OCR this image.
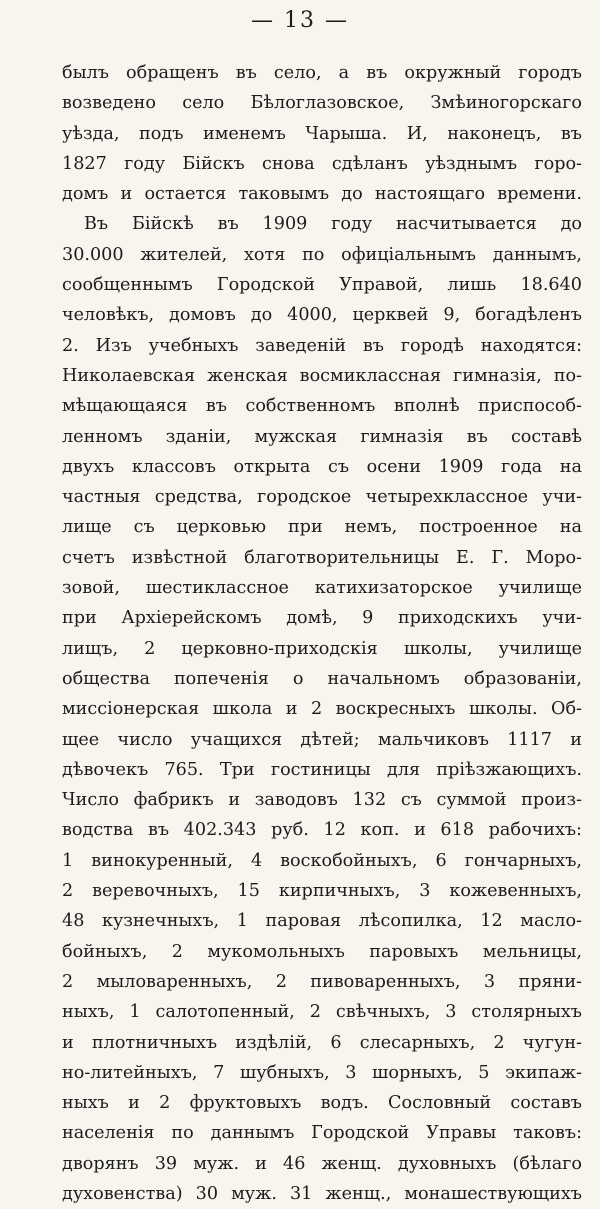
— 13 —
былъ обращенъ въ село, а въ окружный городъ
возведено село Бѣлоглазовское, Змѣиногорскаго
уѣзда, подъ именемъ Чарыша. И, наконецъ, въ
1827 году Бійскъ снова сдѣланъ уѣзднымъ горо-
домъ и остается таковымъ до настоящаго времени.
Въ Бійскѣ въ 1909 году насчитывается до
30.000 жителей, хотя по офиціальнымъ даннымъ,
сообщеннымъ Городской Управой, лишь 18.640
человѣкъ, домовъ до 4000, церквей 9, богадѣленъ
2. Изъ учебныхъ заведеній въ городѣ находятся:
Николаевская женская восмиклассная гимназія, по-
мѣщающаяся въ собственномъ вполнѣ приспособ-
ленномъ зданіи, мужская гимназія въ составѣ
двухъ классовъ открыта съ осени 1909 года на
частныя средства, городское четырехклассное учи-
лище съ церковью при немъ, построенное на
счетъ извѣстной благотворительницы Е. Г. Моро-
зовой, шестиклассное катихизаторское училище
при Архіерейскомъ домѣ, 9 приходскихъ учи-
лищъ, 2 церковно-приходскія школы, училище
общества попеченія о начальномъ образованіи,
миссіонерская школа и 2 воскресныхъ школы. Об-
щее число учащихся дѣтей; мальчиковъ 1117 и
дѣвочекъ 765. Три гостиницы для пріѣзжающихъ.
Число фабрикъ и заводовъ 132 съ суммой произ-
водства въ 402.343 руб. 12 коп. и 618 рабочихъ:
1 винокуренный, 4 воскобойныхъ, 6 гончарныхъ,
2 веревочныхъ, 15 кирпичныхъ, 3 кожевенныхъ,
48 кузнечныхъ, 1 паровая лѣсопилка, 12 масло-
бойныхъ, 2 мукомольныхъ паровыхъ мельницы,
2 мыловаренныхъ, 2 пивоваренныхъ, 3 пряни-
ныхъ, 1 салотопенный, 2 свѣчныхъ, 3 столярныхъ
и плотничныхъ издѣлій, 6 слесарныхъ, 2 чугун-
но-литейныхъ, 7 шубныхъ, 3 шорныхъ, 5 экипаж-
ныхъ и 2 фруктовыхъ водъ. Сословный составъ
населенія по даннымъ Городской Управы таковъ:
дворянъ 39 муж. и 46 женщ. духовныхъ (бѣлаго
духовенства) 30 муж. 31 женщ., монашествующихъ
